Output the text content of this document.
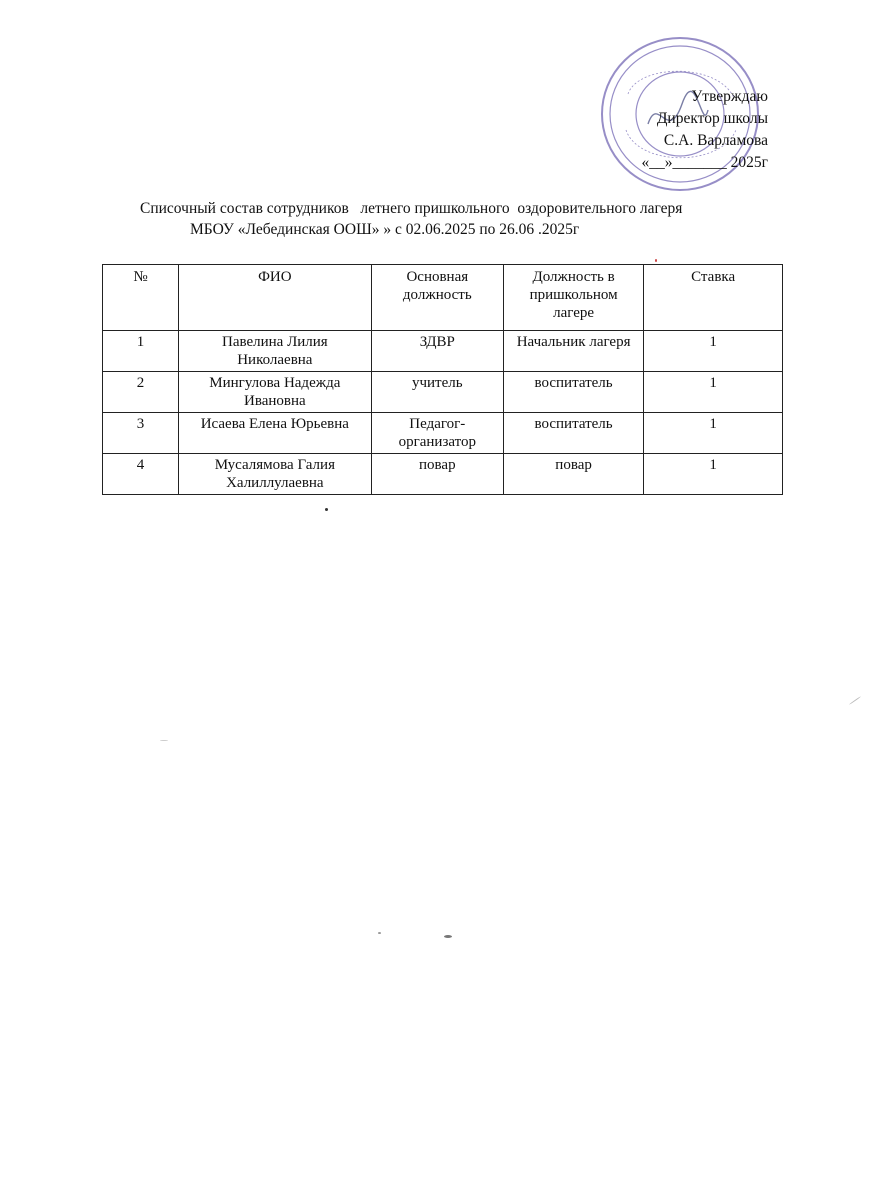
Утверждаю
Директор школы
С.А. Варламова
«__»_______ 2025г
Списочный состав сотрудников   летнего пришкольного  оздоровительного лагеря
МБОУ «Лебединская ООШ» » с 02.06.2025 по 26.06 .2025г
№	ФИО	Основная должность	Должность в пришкольном лагере	Ставка
1	Павелина Лилия Николаевна	ЗДВР	Начальник лагеря	1
2	Мингулова Надежда Ивановна	учитель	воспитатель	1
3	Исаева Елена Юрьевна	Педагог-организатор	воспитатель	1
4	Мусалямова Галия Халиллулаевна	повар	повар	1
